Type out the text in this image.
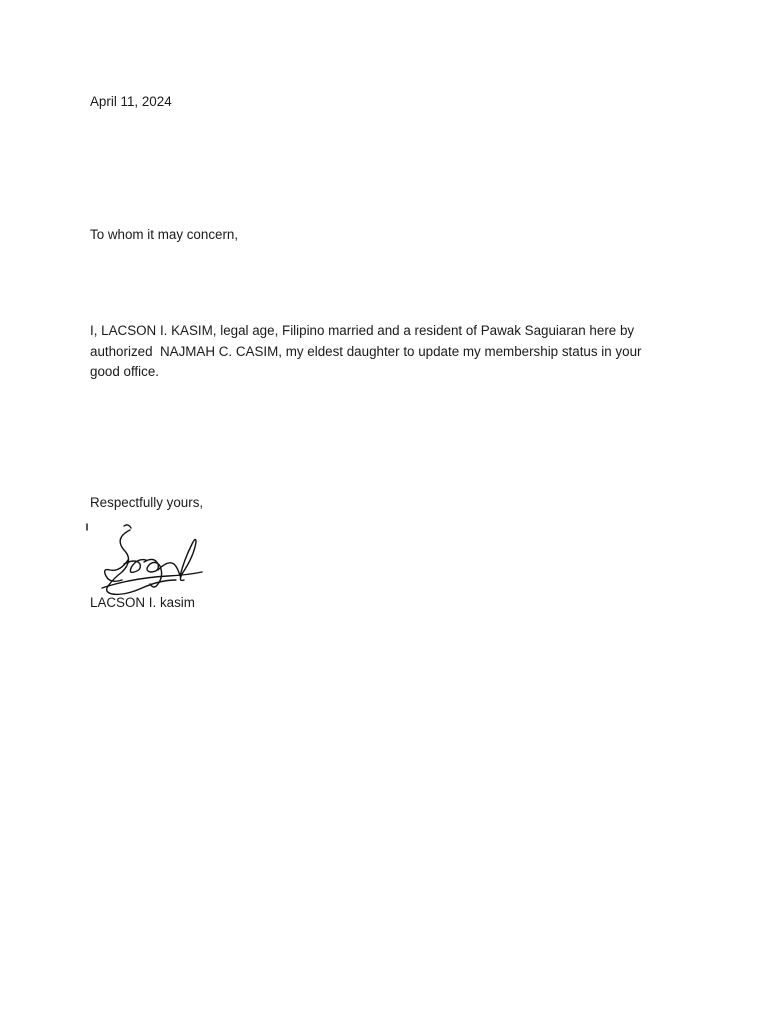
April 11, 2024
To whom it may concern,
I, LACSON I. KASIM, legal age, Filipino married and a resident of Pawak Saguiaran here by
authorized  NAJMAH C. CASIM, my eldest daughter to update my membership status in your
good office.
Respectfully yours,
LACSON I. kasim
